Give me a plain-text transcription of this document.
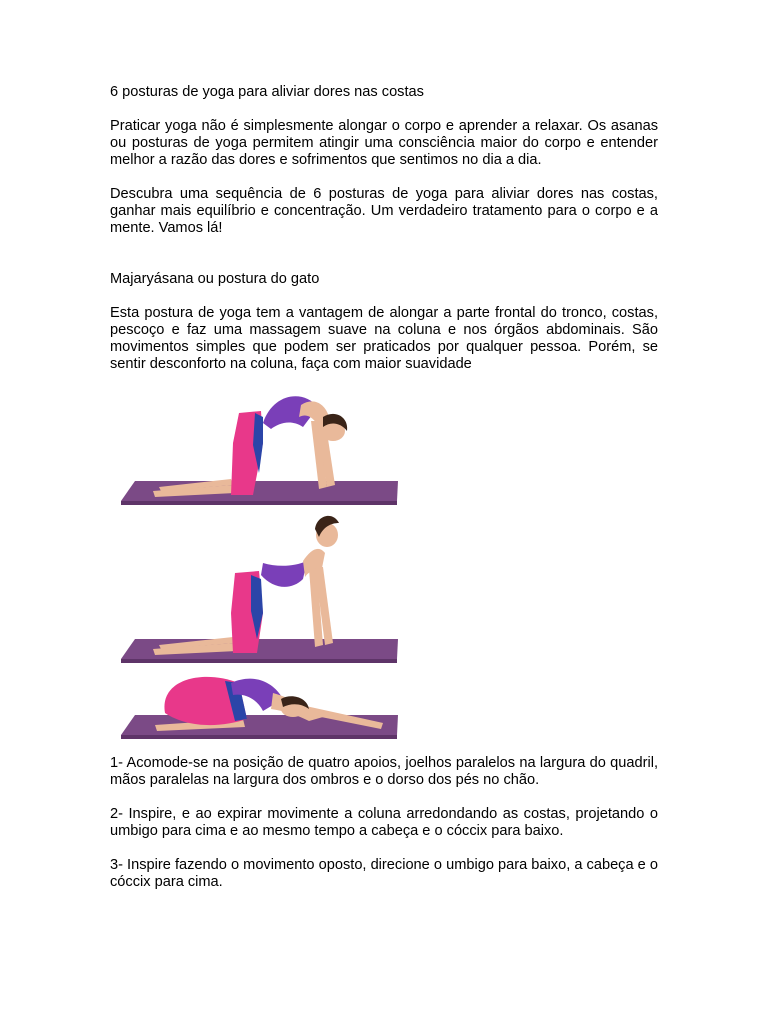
6 posturas de yoga para aliviar dores nas costas

Praticar yoga não é simplesmente alongar o corpo e aprender a relaxar. Os asanas ou posturas de yoga permitem atingir uma consciência maior do corpo e entender melhor a razão das dores e sofrimentos que sentimos no dia a dia.

Descubra uma sequência de 6 posturas de yoga para aliviar dores nas costas, ganhar mais equilíbrio e concentração. Um verdadeiro tratamento para o corpo e a mente. Vamos lá!

Majaryásana ou postura do gato

Esta postura de yoga tem a vantagem de alongar a parte frontal do tronco, costas, pescoço e faz uma massagem suave na coluna e nos órgãos abdominais. São movimentos simples que podem ser praticados por qualquer pessoa. Porém, se sentir desconforto na coluna, faça com maior suavidade

1- Acomode-se na posição de quatro apoios, joelhos paralelos na largura do quadril, mãos paralelas na largura dos ombros e o dorso dos pés no chão.

2- Inspire, e ao expirar movimente a coluna arredondando as costas, projetando o umbigo para cima e ao mesmo tempo a cabeça e o cóccix para baixo.

3- Inspire fazendo o movimento oposto, direcione o umbigo para baixo, a cabeça e o cóccix para cima.
